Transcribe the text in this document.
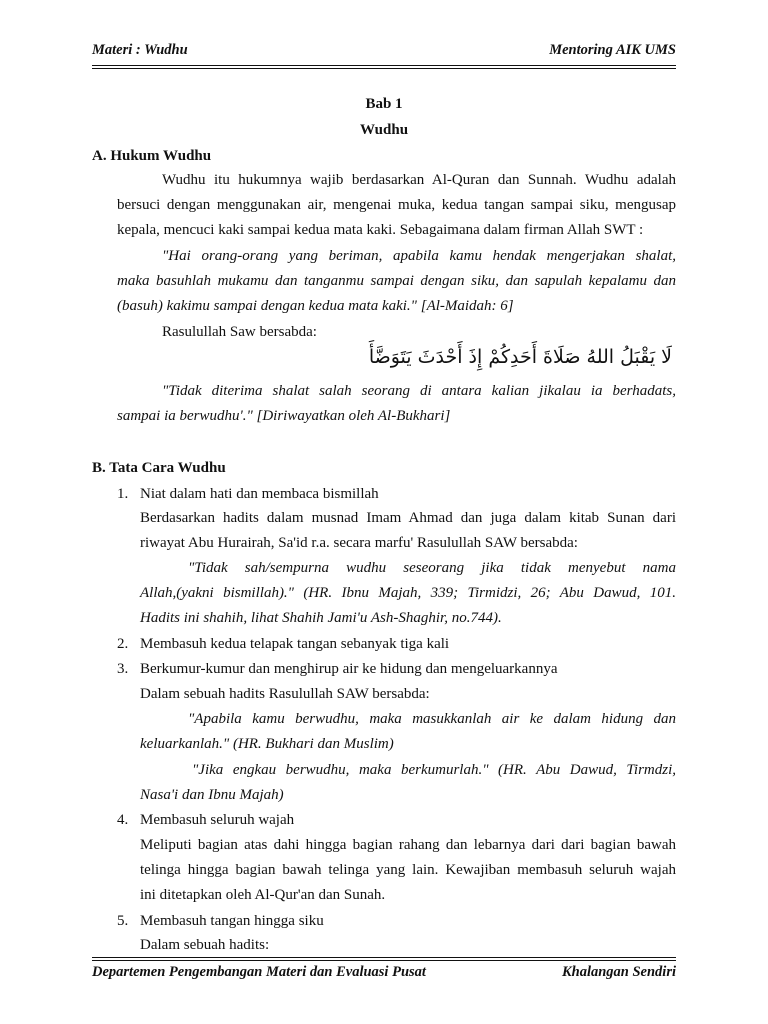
Materi : Wudhu	Mentoring AIK UMS
Bab 1
Wudhu
A. Hukum Wudhu
Wudhu itu hukumnya wajib berdasarkan Al-Quran dan Sunnah. Wudhu adalah
bersuci dengan menggunakan air, mengenai muka, kedua tangan sampai siku, mengusap
kepala, mencuci kaki sampai kedua mata kaki. Sebagaimana dalam firman Allah SWT :
"Hai orang-orang yang beriman, apabila kamu hendak mengerjakan shalat,
maka basuhlah mukamu dan tanganmu sampai dengan siku, dan sapulah kepalamu dan
(basuh) kakimu sampai dengan kedua mata kaki." [Al-Maidah: 6]
Rasulullah Saw bersabda:
لَا يَقْبَلُ اللهُ صَلَاةَ أَحَدِكُمْ إِذَ أَحْدَثَ يَتَوَضَّأَ
"Tidak diterima shalat salah seorang di antara kalian jikalau ia berhadats,
sampai ia berwudhu'." [Diriwayatkan oleh Al-Bukhari]
B. Tata Cara Wudhu
1. Niat dalam hati dan membaca bismillah
Berdasarkan hadits dalam musnad Imam Ahmad dan juga dalam kitab Sunan dari
riwayat Abu Hurairah, Sa'id r.a. secara marfu' Rasulullah SAW bersabda:
"Tidak sah/sempurna wudhu seseorang jika tidak menyebut nama
Allah,(yakni bismillah)." (HR. Ibnu Majah, 339; Tirmidzi, 26; Abu Dawud, 101.
Hadits ini shahih, lihat Shahih Jami'u Ash-Shaghir, no.744).
2. Membasuh kedua telapak tangan sebanyak tiga kali
3. Berkumur-kumur dan menghirup air ke hidung dan mengeluarkannya
Dalam sebuah hadits Rasulullah SAW bersabda:
"Apabila kamu berwudhu, maka masukkanlah air ke dalam hidung dan
keluarkanlah." (HR. Bukhari dan Muslim)
"Jika engkau berwudhu, maka berkumurlah." (HR. Abu Dawud, Tirmdzi,
Nasa'i dan Ibnu Majah)
4. Membasuh seluruh wajah
Meliputi bagian atas dahi hingga bagian rahang dan lebarnya dari dari bagian bawah
telinga hingga bagian bawah telinga yang lain. Kewajiban membasuh seluruh wajah
ini ditetapkan oleh Al-Qur'an dan Sunah.
5. Membasuh tangan hingga siku
Dalam sebuah hadits:
Departemen Pengembangan Materi dan Evaluasi Pusat	Khalangan Sendiri
